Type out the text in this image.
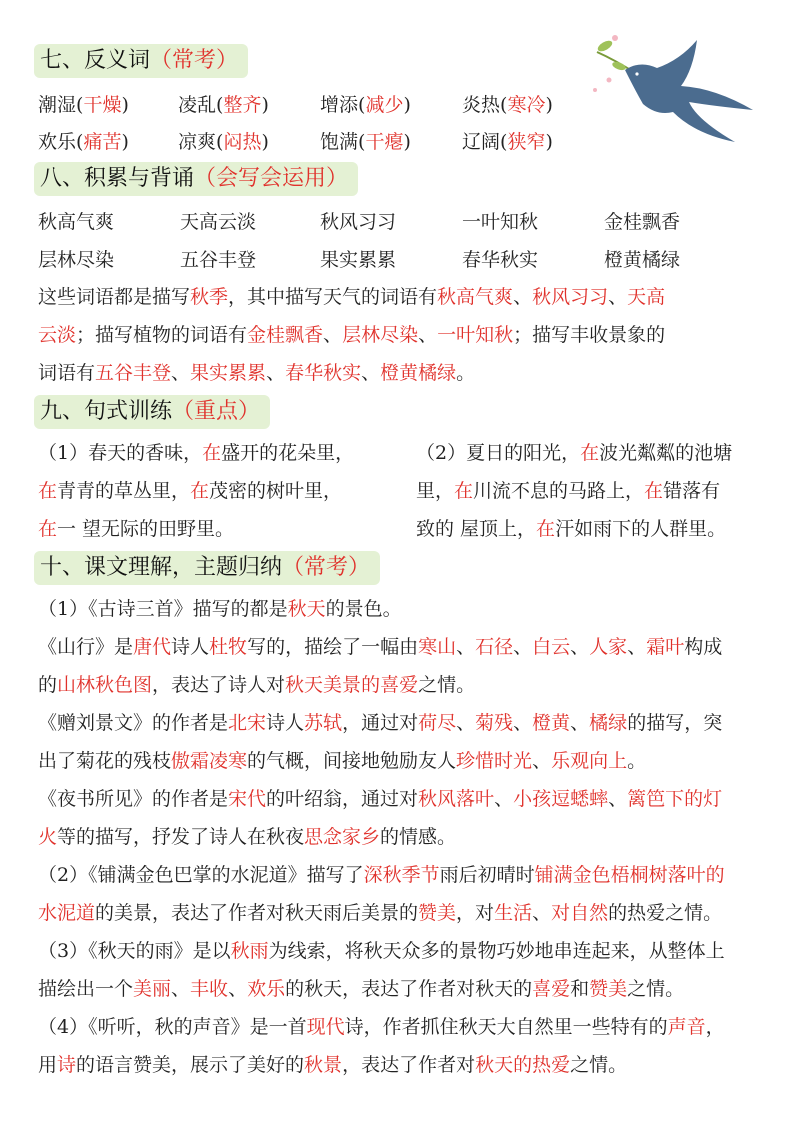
七、反义词（常考）
潮湿(干燥)	凌乱(整齐)	增添(减少)	炎热(寒冷)
欢乐(痛苦)	凉爽(闷热)	饱满(干瘪)	辽阔(狭窄)
八、积累与背诵（会写会运用）
秋高气爽	天高云淡	秋风习习	一叶知秋	金桂飘香
层林尽染	五谷丰登	果实累累	春华秋实	橙黄橘绿
这些词语都是描写秋季，其中描写天气的词语有秋高气爽、秋风习习、天高
云淡；描写植物的词语有金桂飘香、层林尽染、一叶知秋；描写丰收景象的
词语有五谷丰登、果实累累、春华秋实、橙黄橘绿。
九、句式训练（重点）
（1）春天的香味，在盛开的花朵里，
在青青的草丛里，在茂密的树叶里，
在一 望无际的田野里。
（2）夏日的阳光，在波光粼粼的池塘
里，在川流不息的马路上，在错落有
致的 屋顶上，在汗如雨下的人群里。
十、课文理解，主题归纳（常考）
（1）《古诗三首》描写的都是秋天的景色。
《山行》是唐代诗人杜牧写的，描绘了一幅由寒山、石径、白云、人家、霜叶构成
的山林秋色图，表达了诗人对秋天美景的喜爱之情。
《赠刘景文》的作者是北宋诗人苏轼，通过对荷尽、菊残、橙黄、橘绿的描写，突
出了菊花的残枝傲霜凌寒的气概，间接地勉励友人珍惜时光、乐观向上。
《夜书所见》的作者是宋代的叶绍翁，通过对秋风落叶、小孩逗蟋蟀、篱笆下的灯
火等的描写，抒发了诗人在秋夜思念家乡的情感。
（2）《铺满金色巴掌的水泥道》描写了深秋季节雨后初晴时铺满金色梧桐树落叶的
水泥道的美景，表达了作者对秋天雨后美景的赞美，对生活、对自然的热爱之情。
（3）《秋天的雨》是以秋雨为线索，将秋天众多的景物巧妙地串连起来，从整体上
描绘出一个美丽、丰收、欢乐的秋天，表达了作者对秋天的喜爱和赞美之情。
（4）《听听，秋的声音》是一首现代诗，作者抓住秋天大自然里一些特有的声音，
用诗的语言赞美，展示了美好的秋景，表达了作者对秋天的热爱之情。
